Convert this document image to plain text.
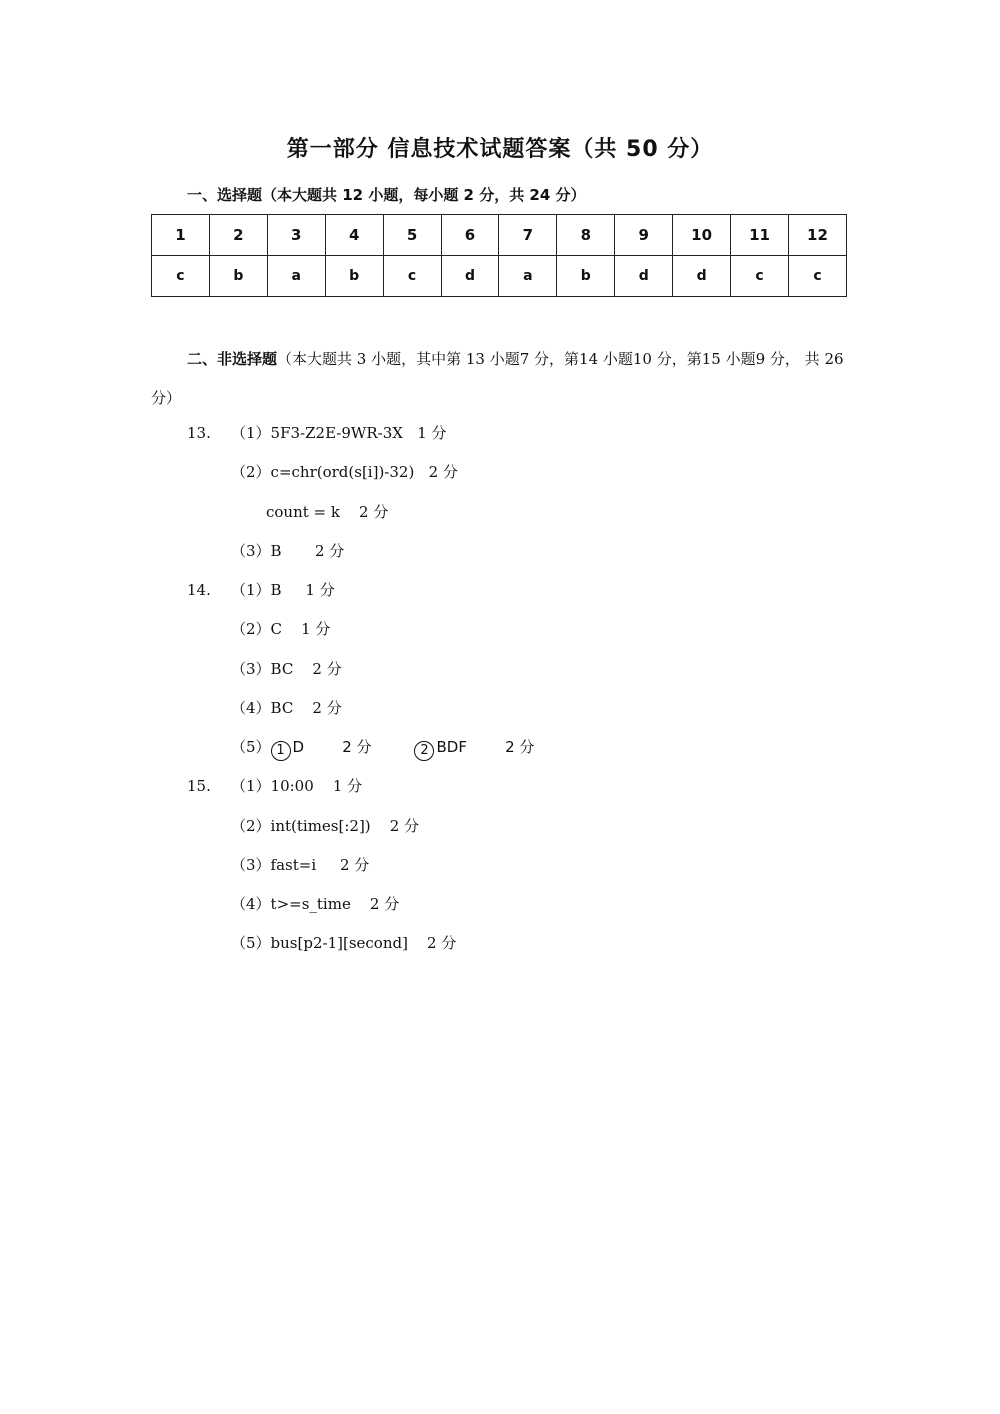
第一部分 信息技术试题答案（共 50 分）
一、选择题（本大题共 12 小题，每小题 2 分，共 24 分）
1	2	3	4	5	6	7	8	9	10	11	12
c	b	a	b	c	d	a	b	d	d	c	c
二、非选择题（本大题共 3 小题，其中第 13 小题7 分，第14 小题10 分，第15 小题9 分， 共 26 分）
13. （1）5F3-Z2E-9WR-3X   1 分
（2）c=chr(ord(s[i])-32)   2 分
count = k    2 分
（3）B       2 分
14. （1）B     1 分
（2）C    1 分
（3）BC    2 分
（4）BC    2 分
（5） 1 D        2 分	2 BDF        2 分
15. （1）10:00    1 分
（2）int(times[:2])    2 分
（3）fast=i     2 分
（4）t>=s_time    2 分
（5）bus[p2-1][second]    2 分
